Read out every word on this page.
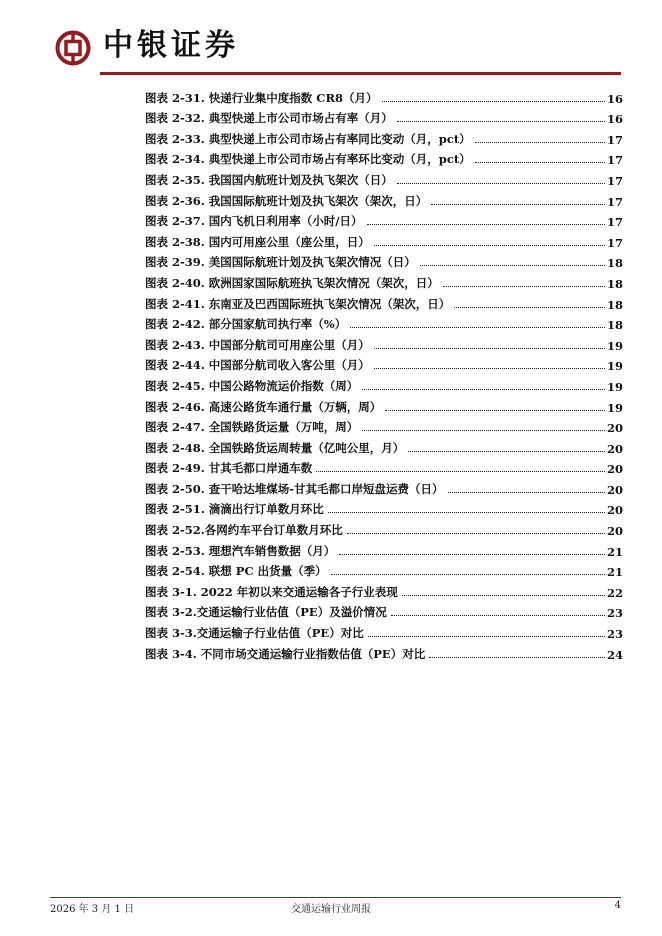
中银证券
图表 2-31. 快递行业集中度指数 CR8（月）	16
图表 2-32. 典型快递上市公司市场占有率（月）	16
图表 2-33. 典型快递上市公司市场占有率同比变动（月，pct）	17
图表 2-34. 典型快递上市公司市场占有率环比变动（月，pct）	17
图表 2-35. 我国国内航班计划及执飞架次（日）	17
图表 2-36. 我国国际航班计划及执飞架次（架次，日）	17
图表 2-37. 国内飞机日利用率（小时/日）	17
图表 2-38. 国内可用座公里（座公里，日）	17
图表 2-39. 美国国际航班计划及执飞架次情况（日）	18
图表 2-40. 欧洲国家国际航班执飞架次情况（架次，日）	18
图表 2-41. 东南亚及巴西国际班执飞架次情况（架次，日）	18
图表 2-42. 部分国家航司执行率（%）	18
图表 2-43. 中国部分航司可用座公里（月）	19
图表 2-44. 中国部分航司收入客公里（月）	19
图表 2-45. 中国公路物流运价指数（周）	19
图表 2-46. 高速公路货车通行量（万辆，周）	19
图表 2-47. 全国铁路货运量（万吨，周）	20
图表 2-48. 全国铁路货运周转量（亿吨公里，月）	20
图表 2-49. 甘其毛都口岸通车数	20
图表 2-50. 查干哈达堆煤场-甘其毛都口岸短盘运费（日）	20
图表 2-51. 滴滴出行订单数月环比	20
图表 2-52.各网约车平台订单数月环比	20
图表 2-53. 理想汽车销售数据（月）	21
图表 2-54. 联想 PC 出货量（季）	21
图表 3-1. 2022 年初以来交通运输各子行业表现	22
图表 3-2.交通运输行业估值（PE）及溢价情况	23
图表 3-3.交通运输子行业估值（PE）对比	23
图表 3-4. 不同市场交通运输行业指数估值（PE）对比	24
2026 年 3 月 1 日	交通运输行业周报	4
